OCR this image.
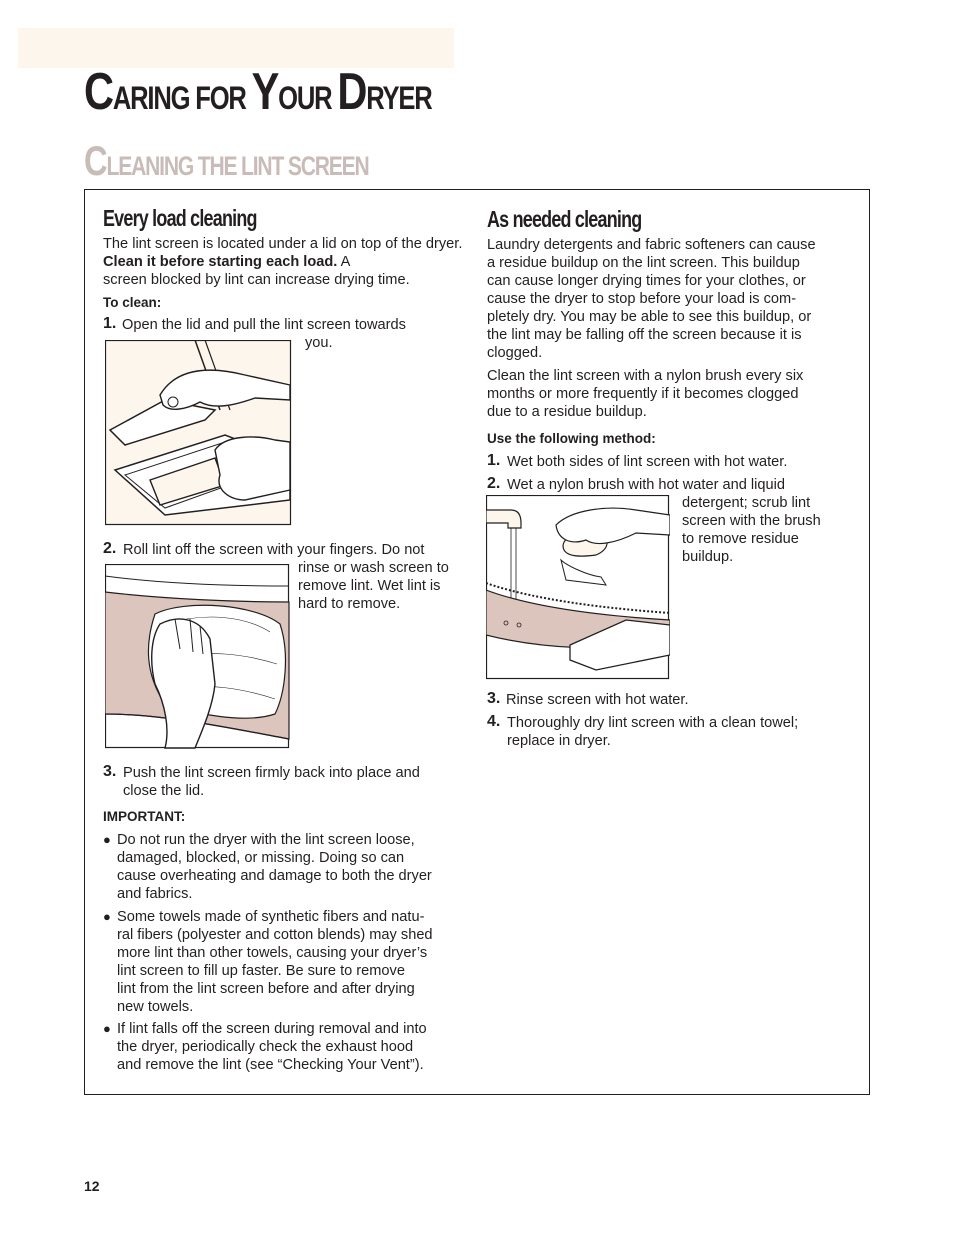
CARING FOR YOUR DRYER
CLEANING THE LINT SCREEN
Every load cleaning
The lint screen is located under a lid on top of the dryer. Clean it before starting each load. A
screen blocked by lint can increase drying time.
To clean:
1. Open the lid and pull the lint screen towards
you.
2. Roll lint off the screen with your fingers. Do not
rinse or wash screen to
remove lint. Wet lint is
hard to remove.
3. Push the lint screen firmly back into place and
close the lid.
IMPORTANT:
● Do not run the dryer with the lint screen loose,
damaged, blocked, or missing. Doing so can
cause overheating and damage to both the dryer
and fabrics.
● Some towels made of synthetic fibers and natu-
ral fibers (polyester and cotton blends) may shed
more lint than other towels, causing your dryer’s
lint screen to fill up faster. Be sure to remove
lint from the lint screen before and after drying
new towels.
● If lint falls off the screen during removal and into
the dryer, periodically check the exhaust hood
and remove the lint (see “Checking Your Vent”).
As needed cleaning
Laundry detergents and fabric softeners can cause
a residue buildup on the lint screen. This buildup
can cause longer drying times for your clothes, or
cause the dryer to stop before your load is com-
pletely dry. You may be able to see this buildup, or
the lint may be falling off the screen because it is
clogged.
Clean the lint screen with a nylon brush every six
months or more frequently if it becomes clogged
due to a residue buildup.
Use the following method:
1. Wet both sides of lint screen with hot water.
2. Wet a nylon brush with hot water and liquid
detergent; scrub lint
screen with the brush
to remove residue
buildup.
3. Rinse screen with hot water.
4. Thoroughly dry lint screen with a clean towel;
replace in dryer.
12
